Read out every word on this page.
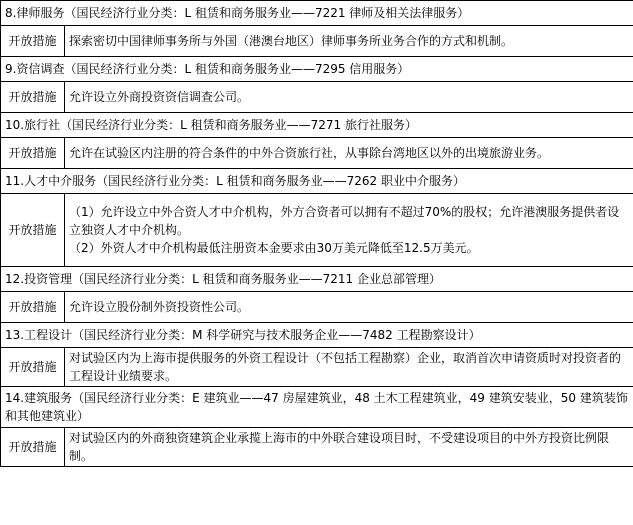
8.律师服务（国民经济行业分类：L 租赁和商务服务业——7221 律师及相关法律服务）	
开放措施	探索密切中国律师事务所与外国（港澳台地区）律师事务所业务合作的方式和机制。

9.资信调查（国民经济行业分类：L 租赁和商务服务业——7295 信用服务）	
开放措施	允许设立外商投资资信调查公司。

10.旅行社（国民经济行业分类：L 租赁和商务服务业——7271 旅行社服务）	
开放措施	允许在试验区内注册的符合条件的中外合资旅行社，从事除台湾地区以外的出境旅游业务。

11.人才中介服务（国民经济行业分类：L 租赁和商务服务业——7262 职业中介服务）	
开放措施	（1）允许设立中外合资人才中介机构，外方合资者可以拥有不超过70%的股权；允许港澳服务提供者设立独资人才中介机构。
（2）外资人才中介机构最低注册资本金要求由30万美元降低至12.5万美元。

12.投资管理（国民经济行业分类：L 租赁和商务服务业——7211 企业总部管理）	
开放措施	允许设立股份制外资投资性公司。

13.工程设计（国民经济行业分类：M 科学研究与技术服务企业——7482 工程勘察设计）	
开放措施	对试验区内为上海市提供服务的外资工程设计（不包括工程勘察）企业，取消首次申请资质时对投资者的工程设计业绩要求。

14.建筑服务（国民经济行业分类：E 建筑业——47 房屋建筑业，48 土木工程建筑业，49 建筑安装业，50 建筑装饰和其他建筑业）	
开放措施	对试验区内的外商独资建筑企业承揽上海市的中外联合建设项目时，不受建设项目的中外方投资比例限制。
